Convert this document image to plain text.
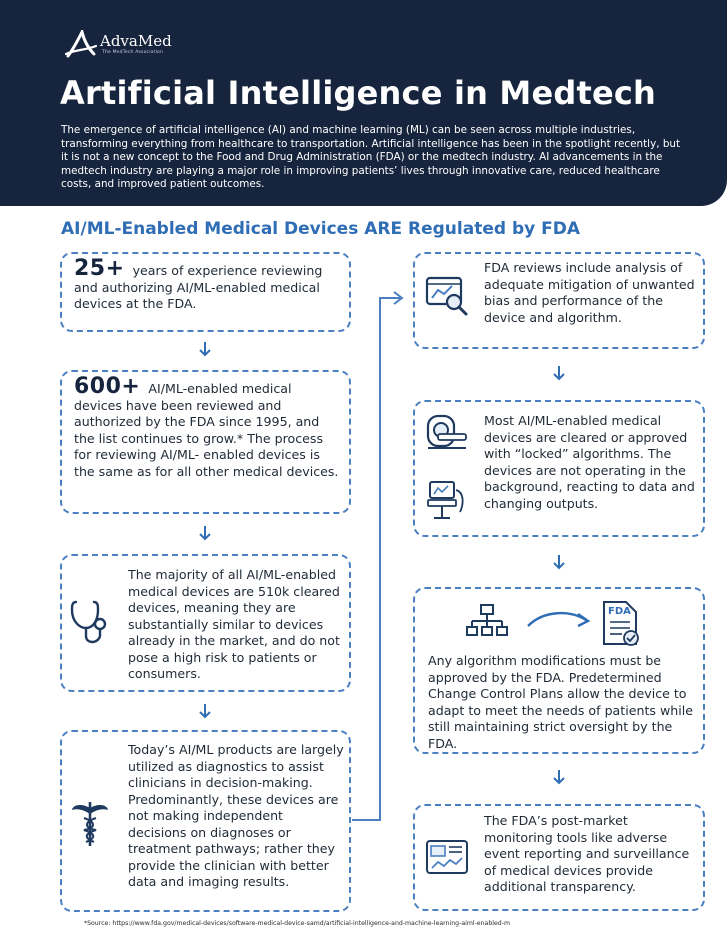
AdvaMed
The MedTech Association
Artificial Intelligence in Medtech

The emergence of artificial intelligence (AI) and machine learning (ML) can be seen across multiple industries, transforming everything from healthcare to transportation. Artificial intelligence has been in the spotlight recently, but it is not a new concept to the Food and Drug Administration (FDA) or the medtech industry. AI advancements in the medtech industry are playing a major role in improving patients’ lives through innovative care, reduced healthcare costs, and improved patient outcomes.

AI/ML-Enabled Medical Devices ARE Regulated by FDA

25+ years of experience reviewing and authorizing AI/ML-enabled medical devices at the FDA.

600+ AI/ML-enabled medical devices have been reviewed and authorized by the FDA since 1995, and the list continues to grow.* The process for reviewing AI/ML- enabled devices is the same as for all other medical devices.

The majority of all AI/ML-enabled medical devices are 510k cleared devices, meaning they are substantially similar to devices already in the market, and do not pose a high risk to patients or consumers.

Today’s AI/ML products are largely utilized as diagnostics to assist clinicians in decision-making. Predominantly, these devices are not making independent decisions on diagnoses or treatment pathways; rather they provide the clinician with better data and imaging results.

FDA reviews include analysis of adequate mitigation of unwanted bias and performance of the device and algorithm.

Most AI/ML-enabled medical devices are cleared or approved with “locked” algorithms. The devices are not operating in the background, reacting to data and changing outputs.

FDA

Any algorithm modifications must be approved by the FDA. Predetermined Change Control Plans allow the device to adapt to meet the needs of patients while still maintaining strict oversight by the FDA.

The FDA’s post-market monitoring tools like adverse event reporting and surveillance of medical devices provide additional transparency.

*Source: https://www.fda.gov/medical-devices/software-medical-device-samd/artificial-intelligence-and-machine-learning-aiml-enabled-m
